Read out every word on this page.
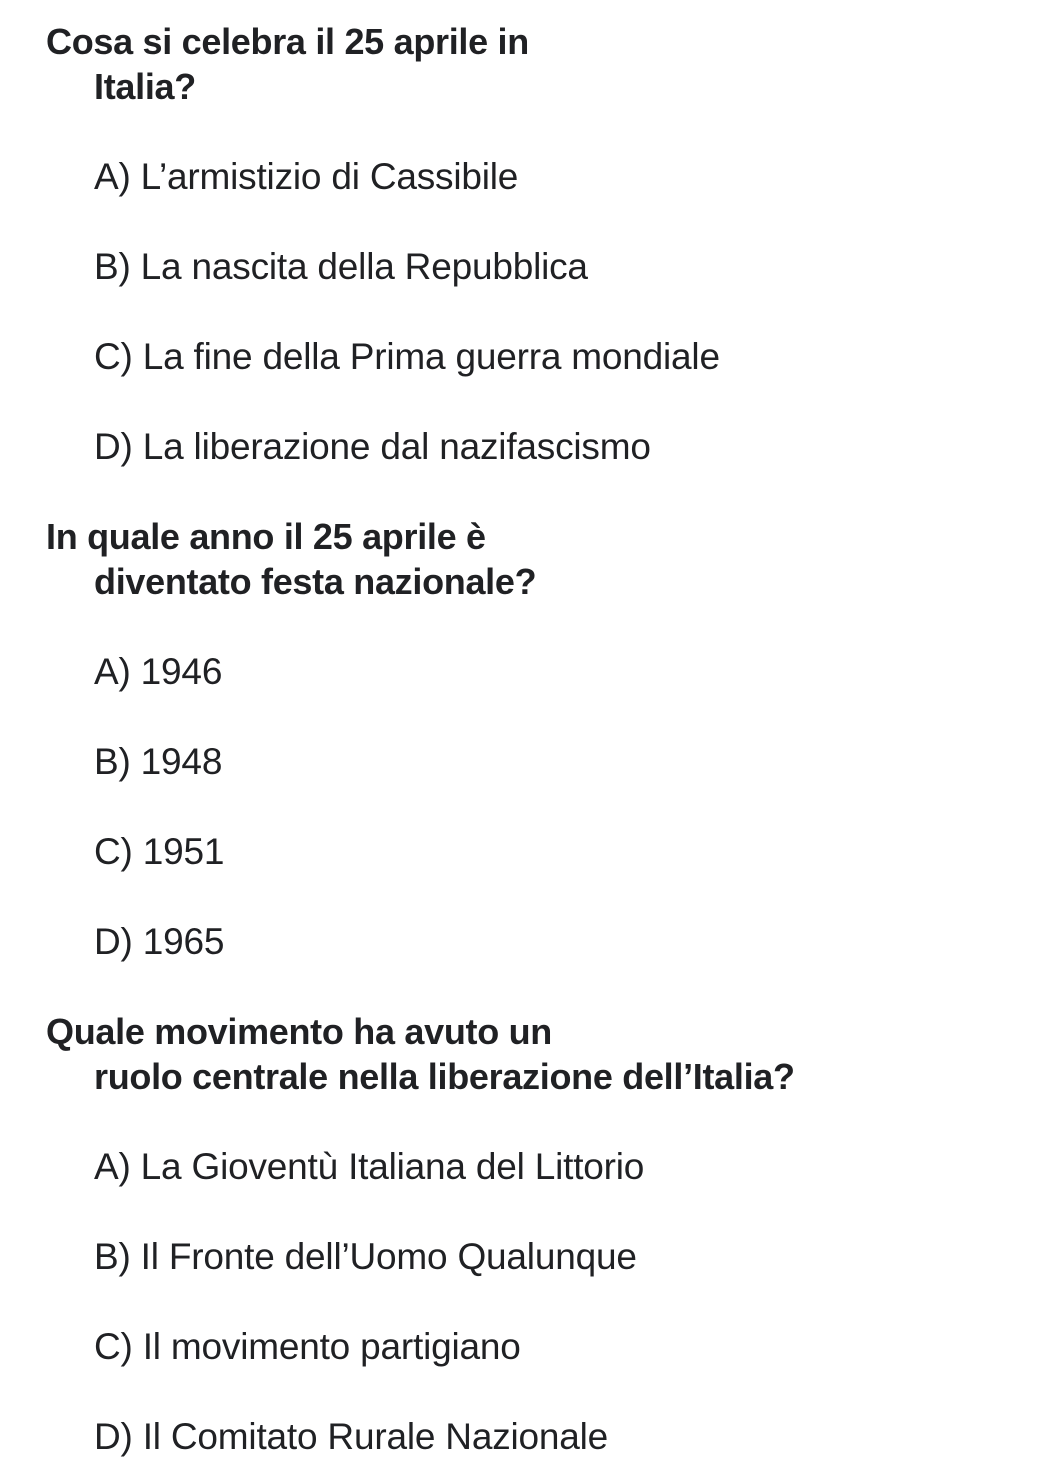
Cosa si celebra il 25 aprile in
Italia?
A) L’armistizio di Cassibile
B) La nascita della Repubblica
C) La fine della Prima guerra mondiale
D) La liberazione dal nazifascismo
In quale anno il 25 aprile è
diventato festa nazionale?
A) 1946
B) 1948
C) 1951
D) 1965
Quale movimento ha avuto un
ruolo centrale nella liberazione dell’Italia?
A) La Gioventù Italiana del Littorio
B) Il Fronte dell’Uomo Qualunque
C) Il movimento partigiano
D) Il Comitato Rurale Nazionale
